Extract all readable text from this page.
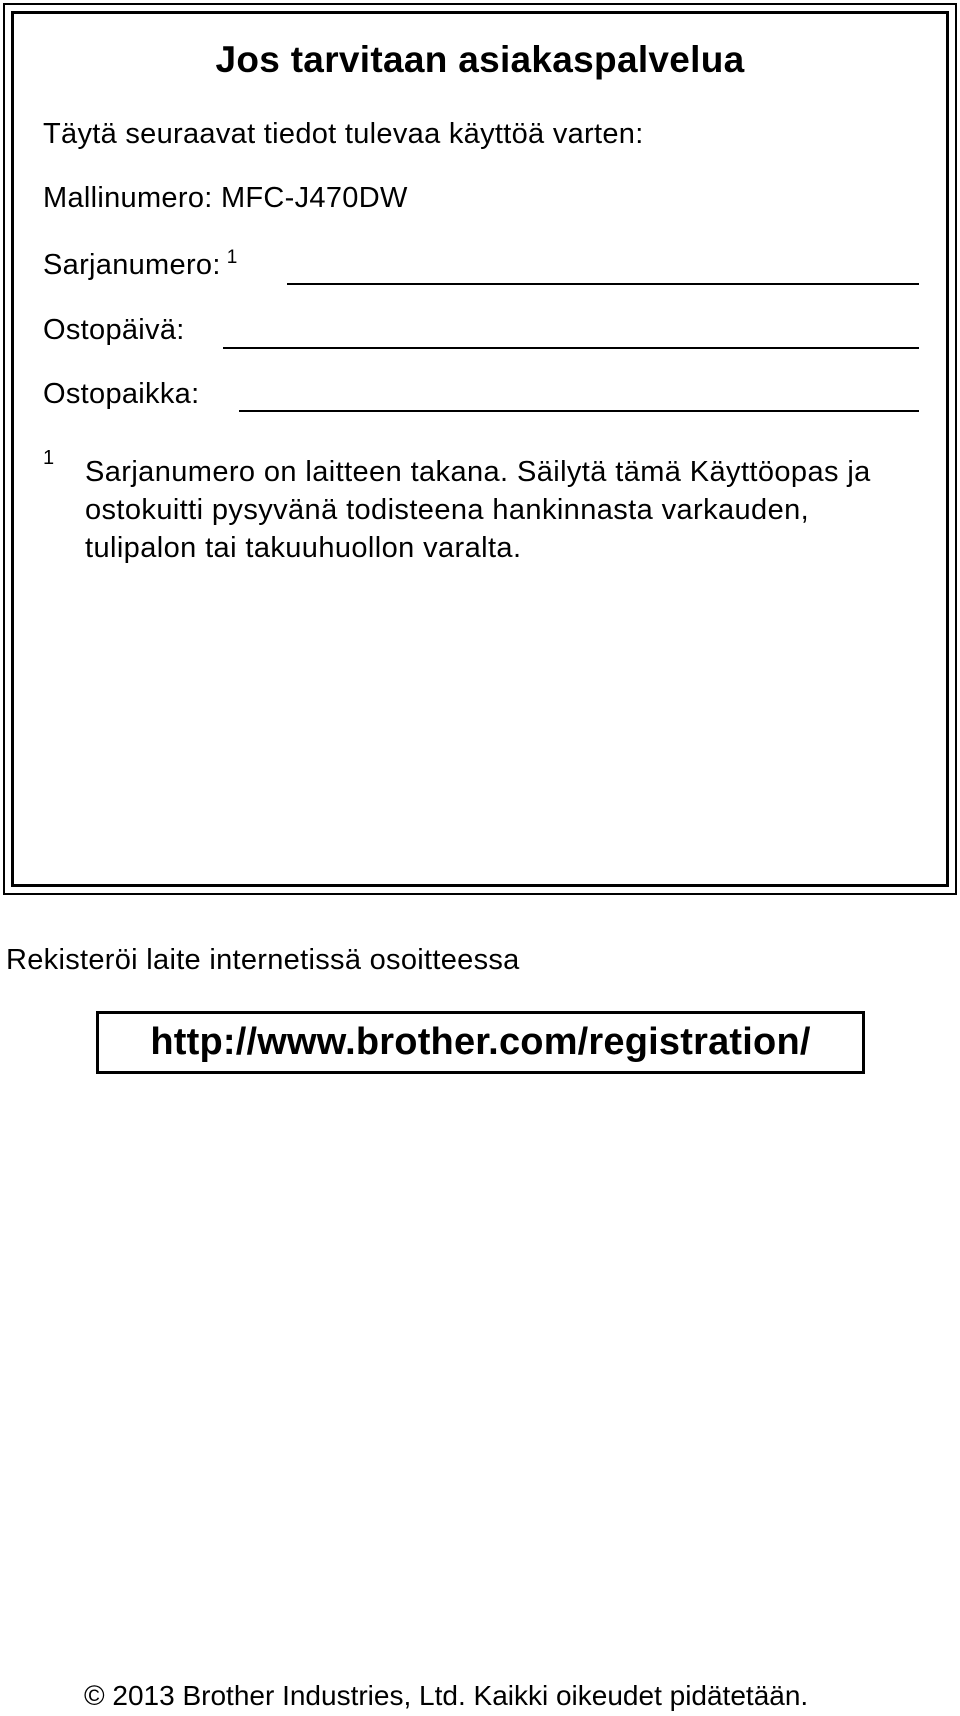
Jos tarvitaan asiakaspalvelua
Täytä seuraavat tiedot tulevaa käyttöä varten:
Mallinumero: MFC-J470DW
Sarjanumero: $^1$
Ostopäivä:
Ostopaikka:
1 Sarjanumero on laitteen takana. Säilytä tämä Käyttöopas ja ostokuitti pysyvänä todisteena hankinnasta varkauden, tulipalon tai takuuhuollon varalta.
Rekisteröi laite internetissä osoitteessa
http://www.brother.com/registration/
© 2013 Brother Industries, Ltd. Kaikki oikeudet pidätetään.
